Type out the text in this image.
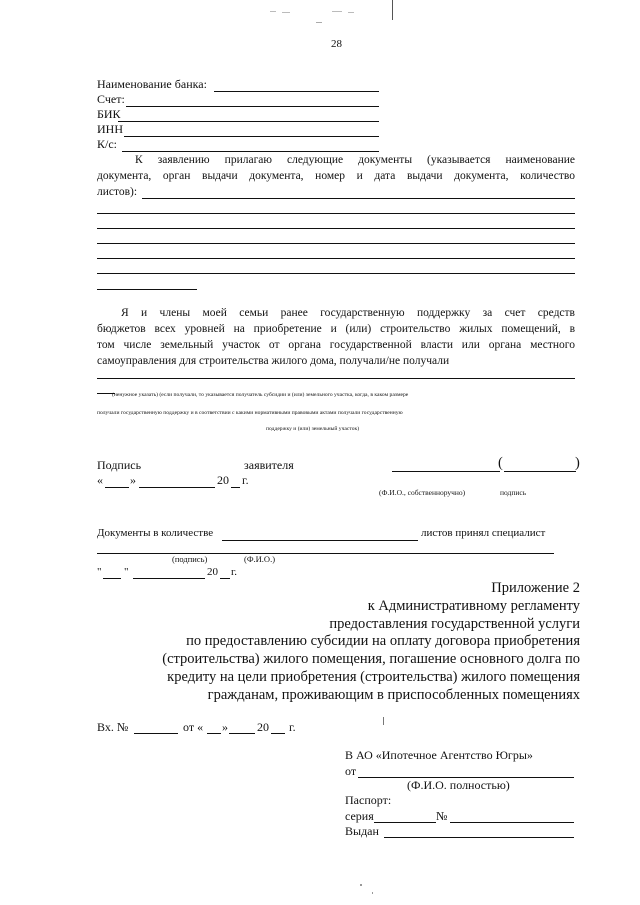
28
Наименование банка:
Счет:
БИК
ИНН
К/с:
К заявлению прилагаю следующие документы (указывается наименование
документа, орган выдачи документа, номер и дата выдачи документа, количество
листов):
Я и члены моей семьи ранее государственную поддержку за счет средств
бюджетов всех уровней на приобретение и (или) строительство жилых помещений, в
том числе земельный участок от органа государственной власти или органа местного
самоуправления для строительства жилого дома, получали/не получали
(ненужное указать) (если получали, то указывается получатель субсидии и (или) земельного участка, когда, в каком размере
получали государственную поддержку и в соответствии с какими нормативными правовыми актами получали государственную
поддержку и (или) земельный участок)
Подпись	заявителя	(	)
« »	20 г.
(Ф.И.О., собственноручно)	подпись
Документы в количестве	листов принял специалист
(подпись)	(Ф.И.О.)
" "	20 г.
Приложение 2
к Административному регламенту
предоставления государственной услуги
по предоставлению субсидии на оплату договора приобретения
(строительства) жилого помещения, погашение основного долга по
кредиту на цели приобретения (строительства) жилого помещения
гражданам, проживающим в приспособленных помещениях
Вх. №	от « » 20 г.
В АО «Ипотечное Агентство Югры»
от
(Ф.И.О. полностью)
Паспорт:
серия	№
Выдан
